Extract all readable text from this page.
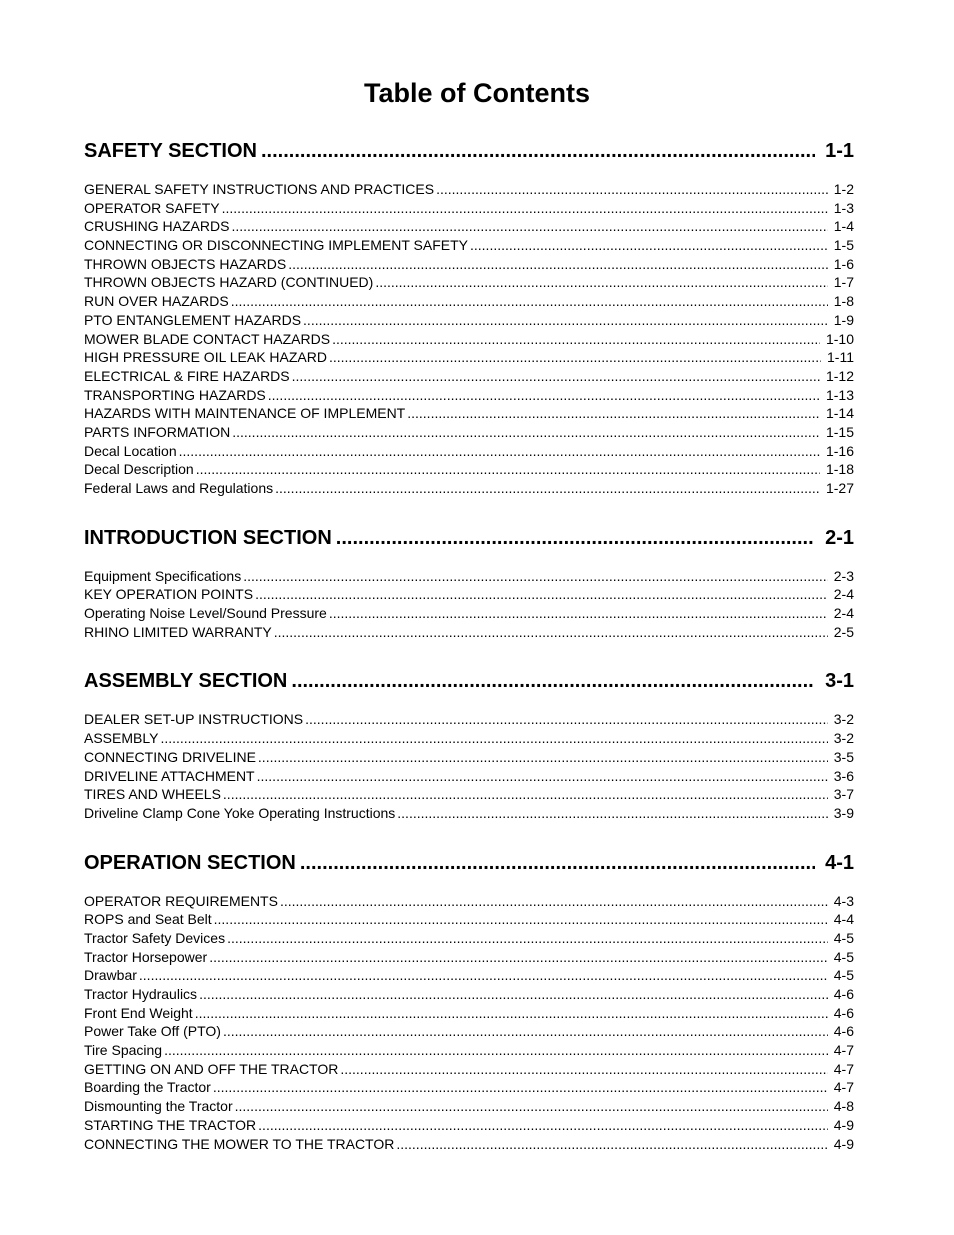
Table of Contents
SAFETY SECTION .....	1-1
GENERAL SAFETY INSTRUCTIONS AND PRACTICES .....	1-2
OPERATOR SAFETY .....	1-3
CRUSHING HAZARDS .....	1-4
CONNECTING OR DISCONNECTING IMPLEMENT SAFETY .....	1-5
THROWN OBJECTS HAZARDS .....	1-6
THROWN OBJECTS HAZARD (CONTINUED) .....	1-7
RUN OVER HAZARDS .....	1-8
PTO ENTANGLEMENT HAZARDS .....	1-9
MOWER BLADE CONTACT HAZARDS .....	1-10
HIGH PRESSURE OIL LEAK HAZARD .....	1-11
ELECTRICAL & FIRE HAZARDS .....	1-12
TRANSPORTING HAZARDS .....	1-13
HAZARDS WITH MAINTENANCE OF IMPLEMENT .....	1-14
PARTS INFORMATION .....	1-15
Decal Location .....	1-16
Decal Description .....	1-18
Federal Laws and Regulations .....	1-27
INTRODUCTION SECTION .....	2-1
Equipment Specifications .....	2-3
KEY OPERATION POINTS .....	2-4
Operating Noise Level/Sound Pressure .....	2-4
RHINO LIMITED WARRANTY .....	2-5
ASSEMBLY SECTION .....	3-1
DEALER SET-UP INSTRUCTIONS .....	3-2
ASSEMBLY .....	3-2
CONNECTING DRIVELINE .....	3-5
DRIVELINE ATTACHMENT .....	3-6
TIRES AND WHEELS .....	3-7
Driveline Clamp Cone Yoke Operating Instructions .....	3-9
OPERATION SECTION .....	4-1
OPERATOR REQUIREMENTS .....	4-3
ROPS and Seat Belt .....	4-4
Tractor Safety Devices .....	4-5
Tractor Horsepower .....	4-5
Drawbar .....	4-5
Tractor Hydraulics .....	4-6
Front End Weight .....	4-6
Power Take Off (PTO) .....	4-6
Tire Spacing .....	4-7
GETTING ON AND OFF THE TRACTOR .....	4-7
Boarding the Tractor .....	4-7
Dismounting the Tractor .....	4-8
STARTING THE TRACTOR .....	4-9
CONNECTING THE MOWER TO THE TRACTOR .....	4-9
